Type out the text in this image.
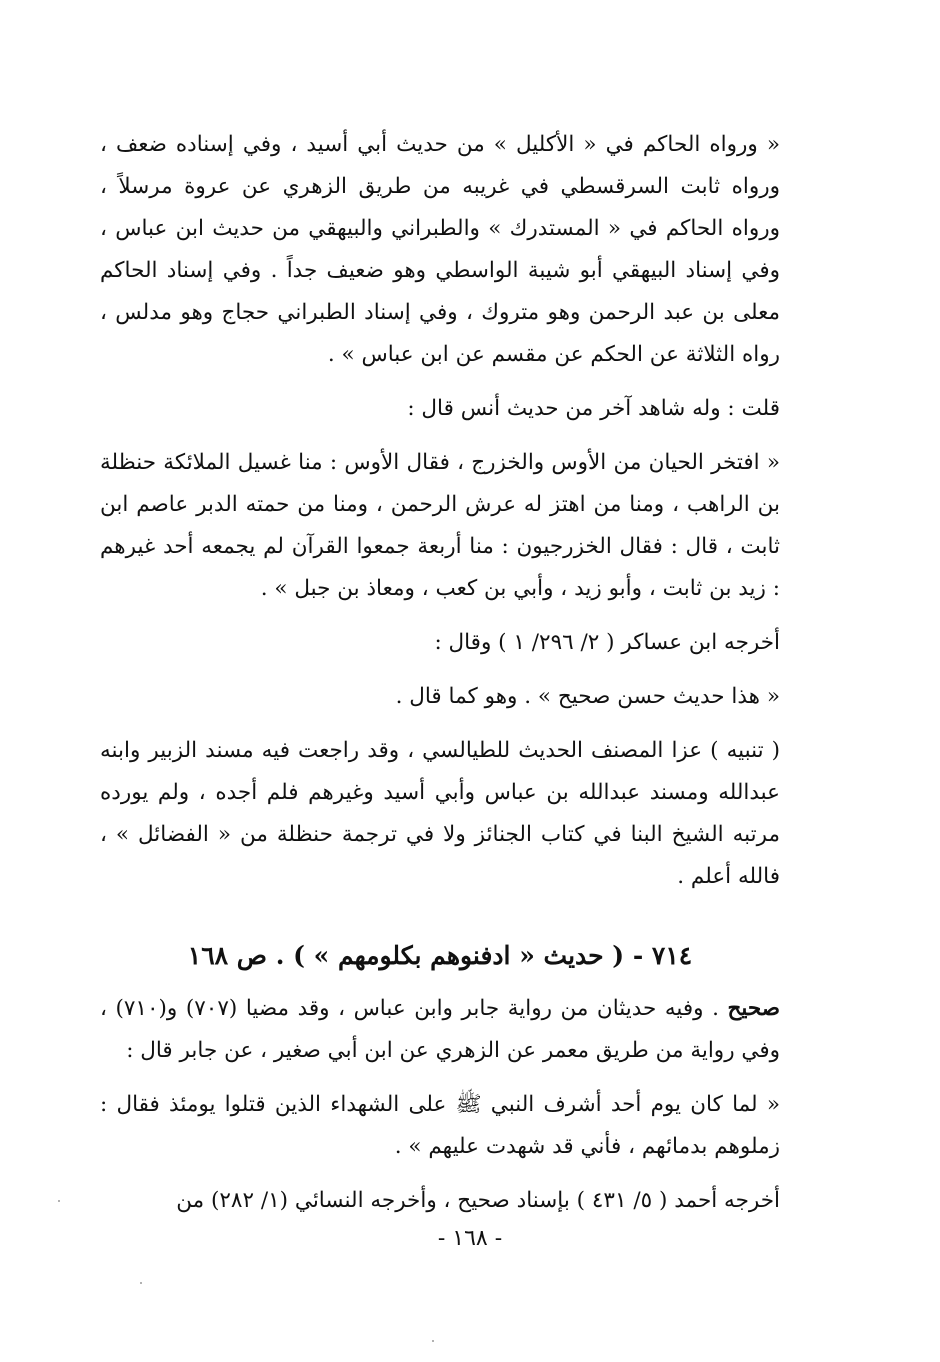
« ورواه الحاكم في « الأكليل » من حديث أبي أسيد ، وفي إسناده ضعف ، ورواه ثابت السرقسطي في غريبه من طريق الزهري عن عروة مرسلاً ، ورواه الحاكم في « المستدرك » والطبراني والبيهقي من حديث ابن عباس ، وفي إسناد البيهقي أبو شيبة الواسطي وهو ضعيف جداً . وفي إسناد الحاكم معلى بن عبد الرحمن وهو متروك ، وفي إسناد الطبراني حجاج وهو مدلس ، رواه الثلاثة عن الحكم عن مقسم عن ابن عباس » .

قلت : وله شاهد آخر من حديث أنس قال :

« افتخر الحيان من الأوس والخزرج ، فقال الأوس : منا غسيل الملائكة حنظلة بن الراهب ، ومنا من اهتز له عرش الرحمن ، ومنا من حمته الدبر عاصم ابن ثابت ، قال : فقال الخزرجيون : منا أربعة جمعوا القرآن لم يجمعه أحد غيرهم : زيد بن ثابت ، وأبو زيد ، وأبي بن كعب ، ومعاذ بن جبل » .

أخرجه ابن عساكر ( ٢/ ٢٩٦/ ١ ) وقال :

« هذا حديث حسن صحيح » . وهو كما قال .

( تنبيه ) عزا المصنف الحديث للطيالسي ، وقد راجعت فيه مسند الزبير وابنه عبدالله ومسند عبدالله بن عباس وأبي أسيد وغيرهم فلم أجده ، ولم يورده مرتبه الشيخ البنا في كتاب الجنائز ولا في ترجمة حنظلة من « الفضائل » ، فالله أعلم .

٧١٤ - ( حديث « ادفنوهم بكلومهم » ) . ص ١٦٨

صحيح . وفيه حديثان من رواية جابر وابن عباس ، وقد مضيا (٧٠٧) و(٧١٠) ، وفي رواية من طريق معمر عن الزهري عن ابن أبي صغير ، عن جابر قال :

« لما كان يوم أحد أشرف النبي ﷺ على الشهداء الذين قتلوا يومئذ فقال : زملوهم بدمائهم ، فأني قد شهدت عليهم » .

أخرجه أحمد ( ٥/ ٤٣١ ) بإسناد صحيح ، وأخرجه النسائي (١/ ٢٨٢) من

- ١٦٨ -
